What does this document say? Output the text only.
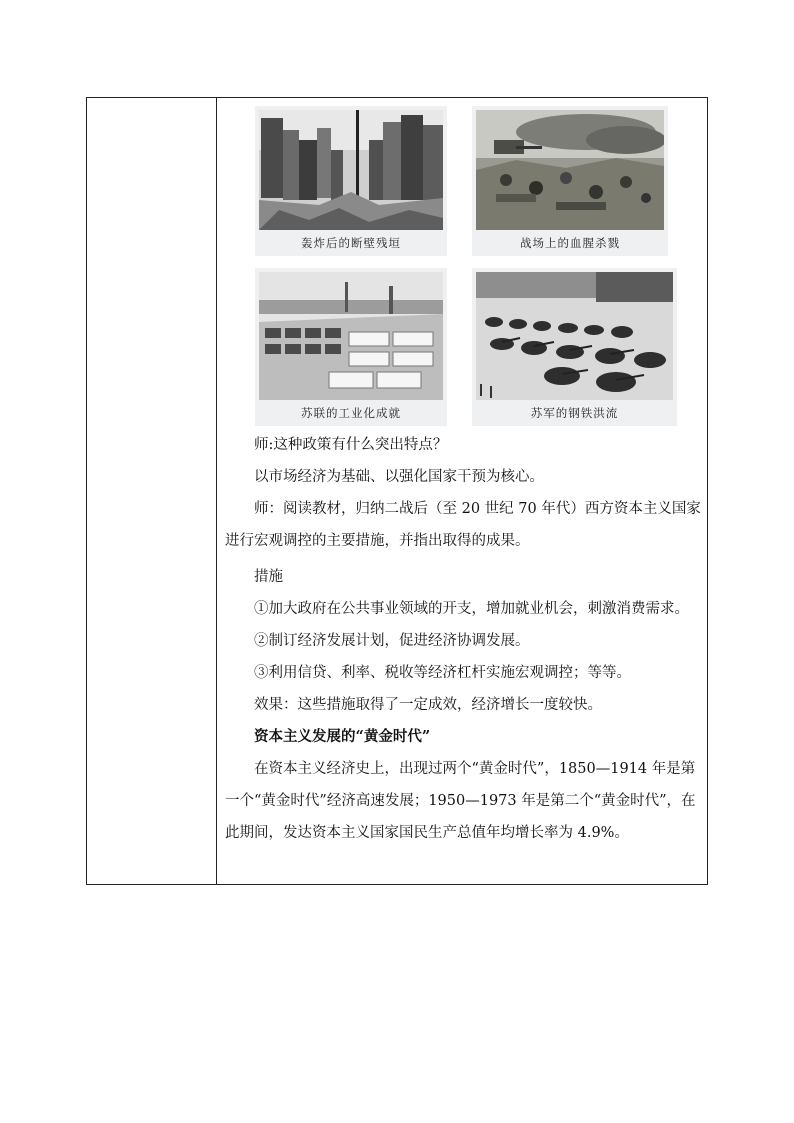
轰炸后的断壁残垣	战场上的血腥杀戮
苏联的工业化成就	苏军的钢铁洪流

师:这种政策有什么突出特点？

以市场经济为基础、以强化国家干预为核心。

师：阅读教材，归纳二战后（至 20 世纪 70 年代）西方资本主义国家进行宏观调控的主要措施，并指出取得的成果。

措施

①加大政府在公共事业领域的开支，增加就业机会，刺激消费需求。

②制订经济发展计划，促进经济协调发展。

③利用信贷、利率、税收等经济杠杆实施宏观调控；等等。

效果：这些措施取得了一定成效，经济增长一度较快。

资本主义发展的“黄金时代”

在资本主义经济史上，出现过两个“黄金时代”，1850—1914 年是第一个“黄金时代”经济高速发展；1950—1973 年是第二个“黄金时代”，在此期间，发达资本主义国家国民生产总值年均增长率为 4.9%。
